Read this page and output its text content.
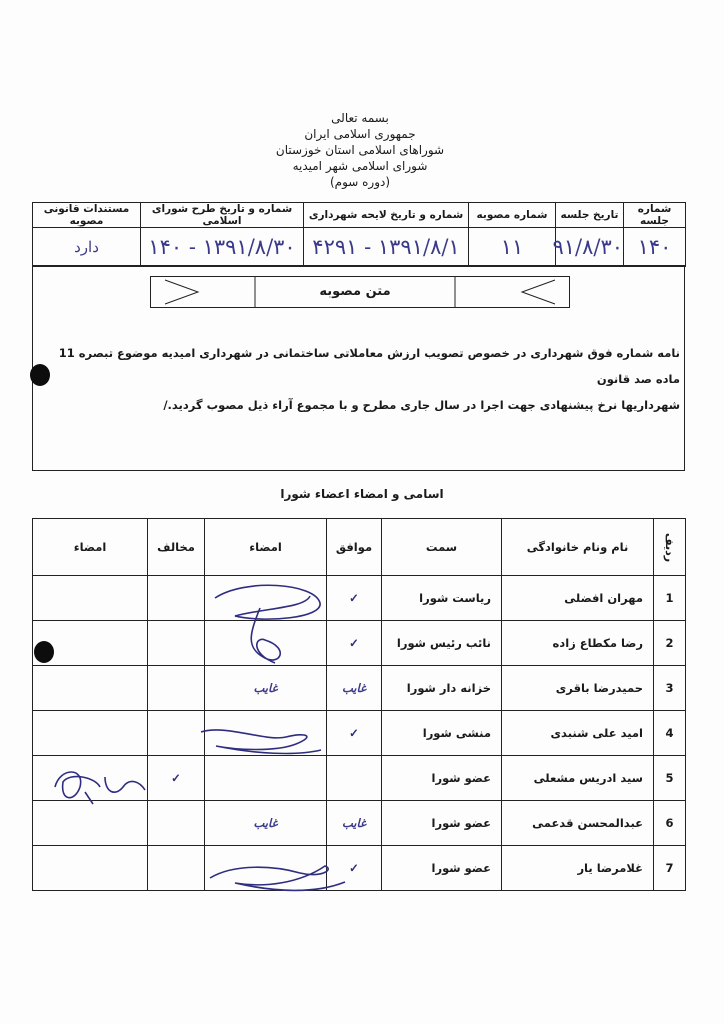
بسمه تعالی
جمهوری اسلامی ایران
شوراهای اسلامی استان خوزستان
شورای اسلامی شهر امیدیه
(دوره سوم)
شماره جلسه	تاریخ جلسه	شماره مصوبه	شماره و تاریخ لایحه شهرداری	شماره و تاریخ طرح شورای اسلامی	مستندات قانونی مصوبه
۱۴۰	۹۱/۸/۳۰	۱۱	۱۳۹۱/۸/۱ - ۴۲۹۱	۱۳۹۱/۸/۳۰ - ۱۴۰	دارد
متن مصوبه
نامه شماره فوق شهرداری در خصوص تصویب ارزش معاملاتی ساختمانی در شهرداری امیدیه موضوع تبصره 11 ماده صد قانون
شهرداریها نرخ پیشنهادی جهت اجرا در سال جاری مطرح و با مجموع آراء ذیل مصوب گردید./
اسامی و امضاء اعضاء شورا
ردیف	نام ونام خانوادگی	سمت	موافق	امضاء	مخالف	امضاء
1	مهران افضلی	ریاست شورا	✓			
2	رضا مکطاع زاده	نائب رئیس شورا	✓			
3	حمیدرضا باقری	خزانه دار شورا	غایب	غایب		
4	امید علی شنبدی	منشی شورا	✓			
5	سید ادریس مشعلی	عضو شورا			✓	
6	عبدالمحسن قدعمی	عضو شورا	غایب	غایب		
7	غلامرضا یار	عضو شورا	✓			
